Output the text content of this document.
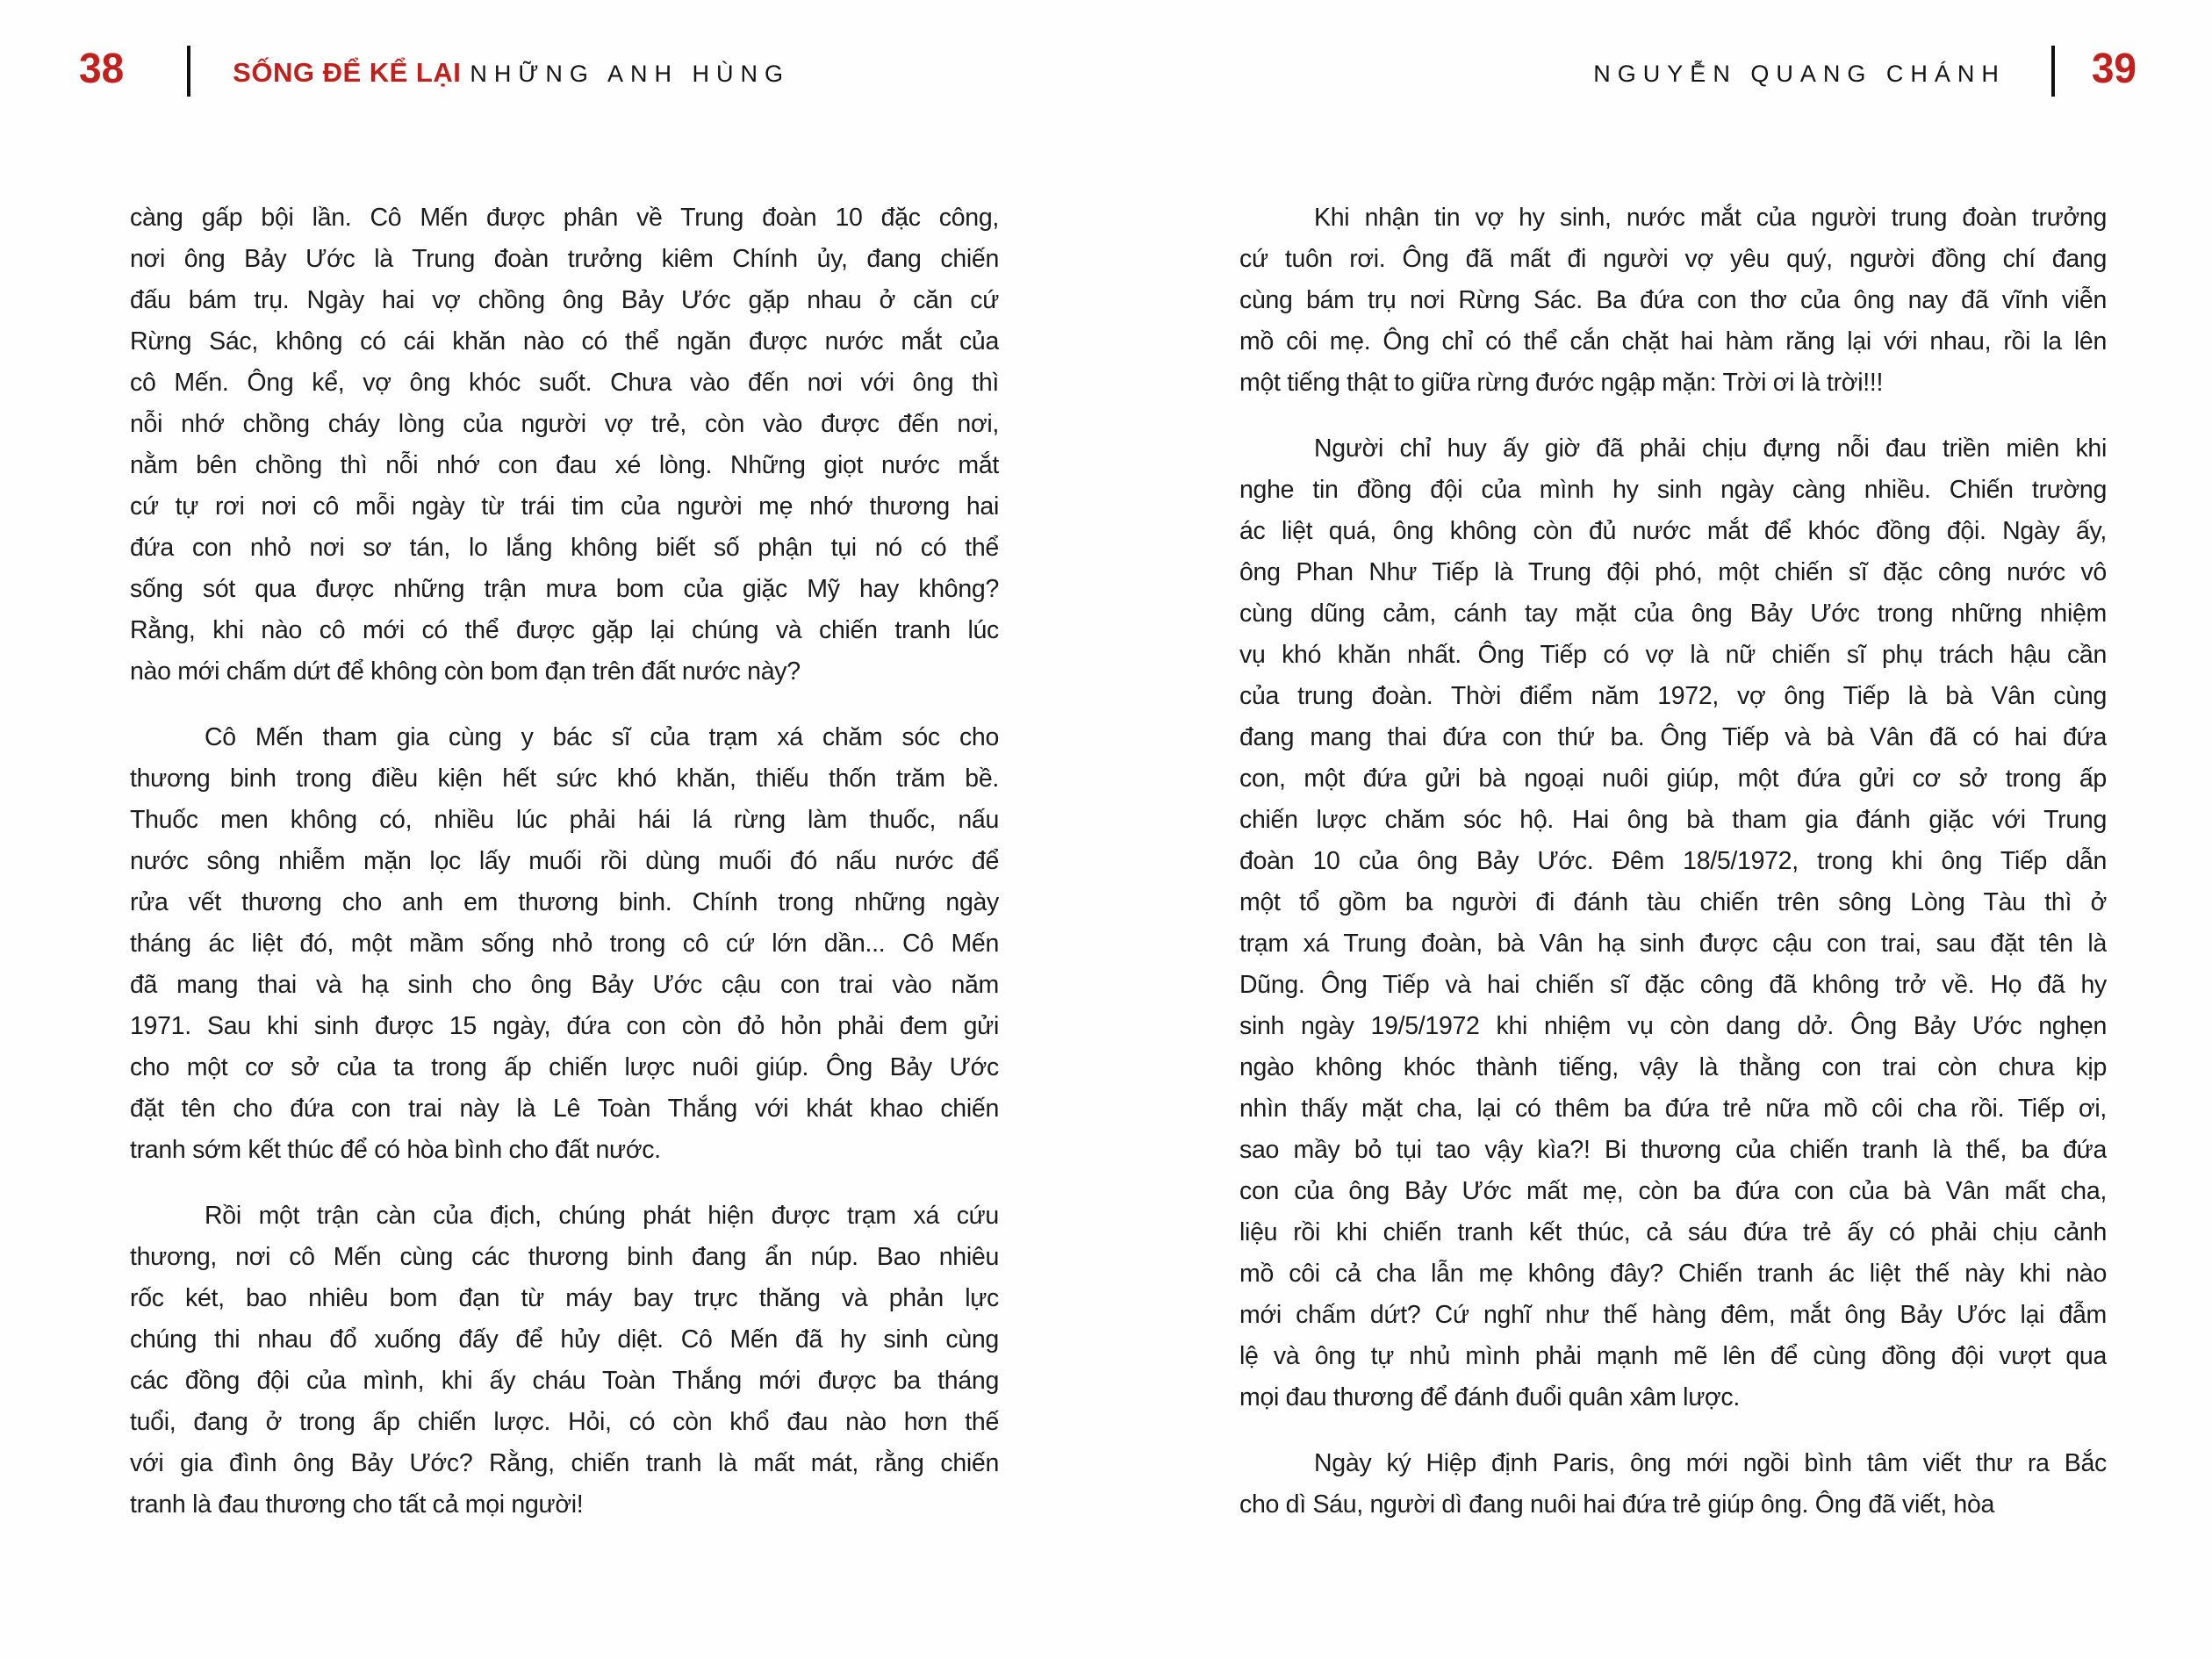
38	SỐNG ĐỂ KỂ LẠI NHỮNG ANH HÙNG	NGUYỄN QUANG CHÁNH 39
càng gấp bội lần. Cô Mến được phân về Trung đoàn 10 đặc công,
nơi ông Bảy Ước là Trung đoàn trưởng kiêm Chính ủy, đang chiến
đấu bám trụ. Ngày hai vợ chồng ông Bảy Ước gặp nhau ở căn cứ
Rừng Sác, không có cái khăn nào có thể ngăn được nước mắt của
cô Mến. Ông kể, vợ ông khóc suốt. Chưa vào đến nơi với ông thì
nỗi nhớ chồng cháy lòng của người vợ trẻ, còn vào được đến nơi,
nằm bên chồng thì nỗi nhớ con đau xé lòng. Những giọt nước mắt
cứ tự rơi nơi cô mỗi ngày từ trái tim của người mẹ nhớ thương hai
đứa con nhỏ nơi sơ tán, lo lắng không biết số phận tụi nó có thể
sống sót qua được những trận mưa bom của giặc Mỹ hay không?
Rằng, khi nào cô mới có thể được gặp lại chúng và chiến tranh lúc
nào mới chấm dứt để không còn bom đạn trên đất nước này?
Cô Mến tham gia cùng y bác sĩ của trạm xá chăm sóc cho
thương binh trong điều kiện hết sức khó khăn, thiếu thốn trăm bề.
Thuốc men không có, nhiều lúc phải hái lá rừng làm thuốc, nấu
nước sông nhiễm mặn lọc lấy muối rồi dùng muối đó nấu nước để
rửa vết thương cho anh em thương binh. Chính trong những ngày
tháng ác liệt đó, một mầm sống nhỏ trong cô cứ lớn dần... Cô Mến
đã mang thai và hạ sinh cho ông Bảy Ước cậu con trai vào năm
1971. Sau khi sinh được 15 ngày, đứa con còn đỏ hỏn phải đem gửi
cho một cơ sở của ta trong ấp chiến lược nuôi giúp. Ông Bảy Ước
đặt tên cho đứa con trai này là Lê Toàn Thắng với khát khao chiến
tranh sớm kết thúc để có hòa bình cho đất nước.
Rồi một trận càn của địch, chúng phát hiện được trạm xá cứu
thương, nơi cô Mến cùng các thương binh đang ẩn núp. Bao nhiêu
rốc két, bao nhiêu bom đạn từ máy bay trực thăng và phản lực
chúng thi nhau đổ xuống đấy để hủy diệt. Cô Mến đã hy sinh cùng
các đồng đội của mình, khi ấy cháu Toàn Thắng mới được ba tháng
tuổi, đang ở trong ấp chiến lược. Hỏi, có còn khổ đau nào hơn thế
với gia đình ông Bảy Ước? Rằng, chiến tranh là mất mát, rằng chiến
tranh là đau thương cho tất cả mọi người!
Khi nhận tin vợ hy sinh, nước mắt của người trung đoàn trưởng
cứ tuôn rơi. Ông đã mất đi người vợ yêu quý, người đồng chí đang
cùng bám trụ nơi Rừng Sác. Ba đứa con thơ của ông nay đã vĩnh viễn
mồ côi mẹ. Ông chỉ có thể cắn chặt hai hàm răng lại với nhau, rồi la lên
một tiếng thật to giữa rừng đước ngập mặn: Trời ơi là trời!!!
Người chỉ huy ấy giờ đã phải chịu đựng nỗi đau triền miên khi
nghe tin đồng đội của mình hy sinh ngày càng nhiều. Chiến trường
ác liệt quá, ông không còn đủ nước mắt để khóc đồng đội. Ngày ấy,
ông Phan Như Tiếp là Trung đội phó, một chiến sĩ đặc công nước vô
cùng dũng cảm, cánh tay mặt của ông Bảy Ước trong những nhiệm
vụ khó khăn nhất. Ông Tiếp có vợ là nữ chiến sĩ phụ trách hậu cần
của trung đoàn. Thời điểm năm 1972, vợ ông Tiếp là bà Vân cùng
đang mang thai đứa con thứ ba. Ông Tiếp và bà Vân đã có hai đứa
con, một đứa gửi bà ngoại nuôi giúp, một đứa gửi cơ sở trong ấp
chiến lược chăm sóc hộ. Hai ông bà tham gia đánh giặc với Trung
đoàn 10 của ông Bảy Ước. Đêm 18/5/1972, trong khi ông Tiếp dẫn
một tổ gồm ba người đi đánh tàu chiến trên sông Lòng Tàu thì ở
trạm xá Trung đoàn, bà Vân hạ sinh được cậu con trai, sau đặt tên là
Dũng. Ông Tiếp và hai chiến sĩ đặc công đã không trở về. Họ đã hy
sinh ngày 19/5/1972 khi nhiệm vụ còn dang dở. Ông Bảy Ước nghẹn
ngào không khóc thành tiếng, vậy là thằng con trai còn chưa kịp
nhìn thấy mặt cha, lại có thêm ba đứa trẻ nữa mồ côi cha rồi. Tiếp ơi,
sao mầy bỏ tụi tao vậy kìa?! Bi thương của chiến tranh là thế, ba đứa
con của ông Bảy Ước mất mẹ, còn ba đứa con của bà Vân mất cha,
liệu rồi khi chiến tranh kết thúc, cả sáu đứa trẻ ấy có phải chịu cảnh
mồ côi cả cha lẫn mẹ không đây? Chiến tranh ác liệt thế này khi nào
mới chấm dứt? Cứ nghĩ như thế hàng đêm, mắt ông Bảy Ước lại đẫm
lệ và ông tự nhủ mình phải mạnh mẽ lên để cùng đồng đội vượt qua
mọi đau thương để đánh đuổi quân xâm lược.
Ngày ký Hiệp định Paris, ông mới ngồi bình tâm viết thư ra Bắc
cho dì Sáu, người dì đang nuôi hai đứa trẻ giúp ông. Ông đã viết, hòa
